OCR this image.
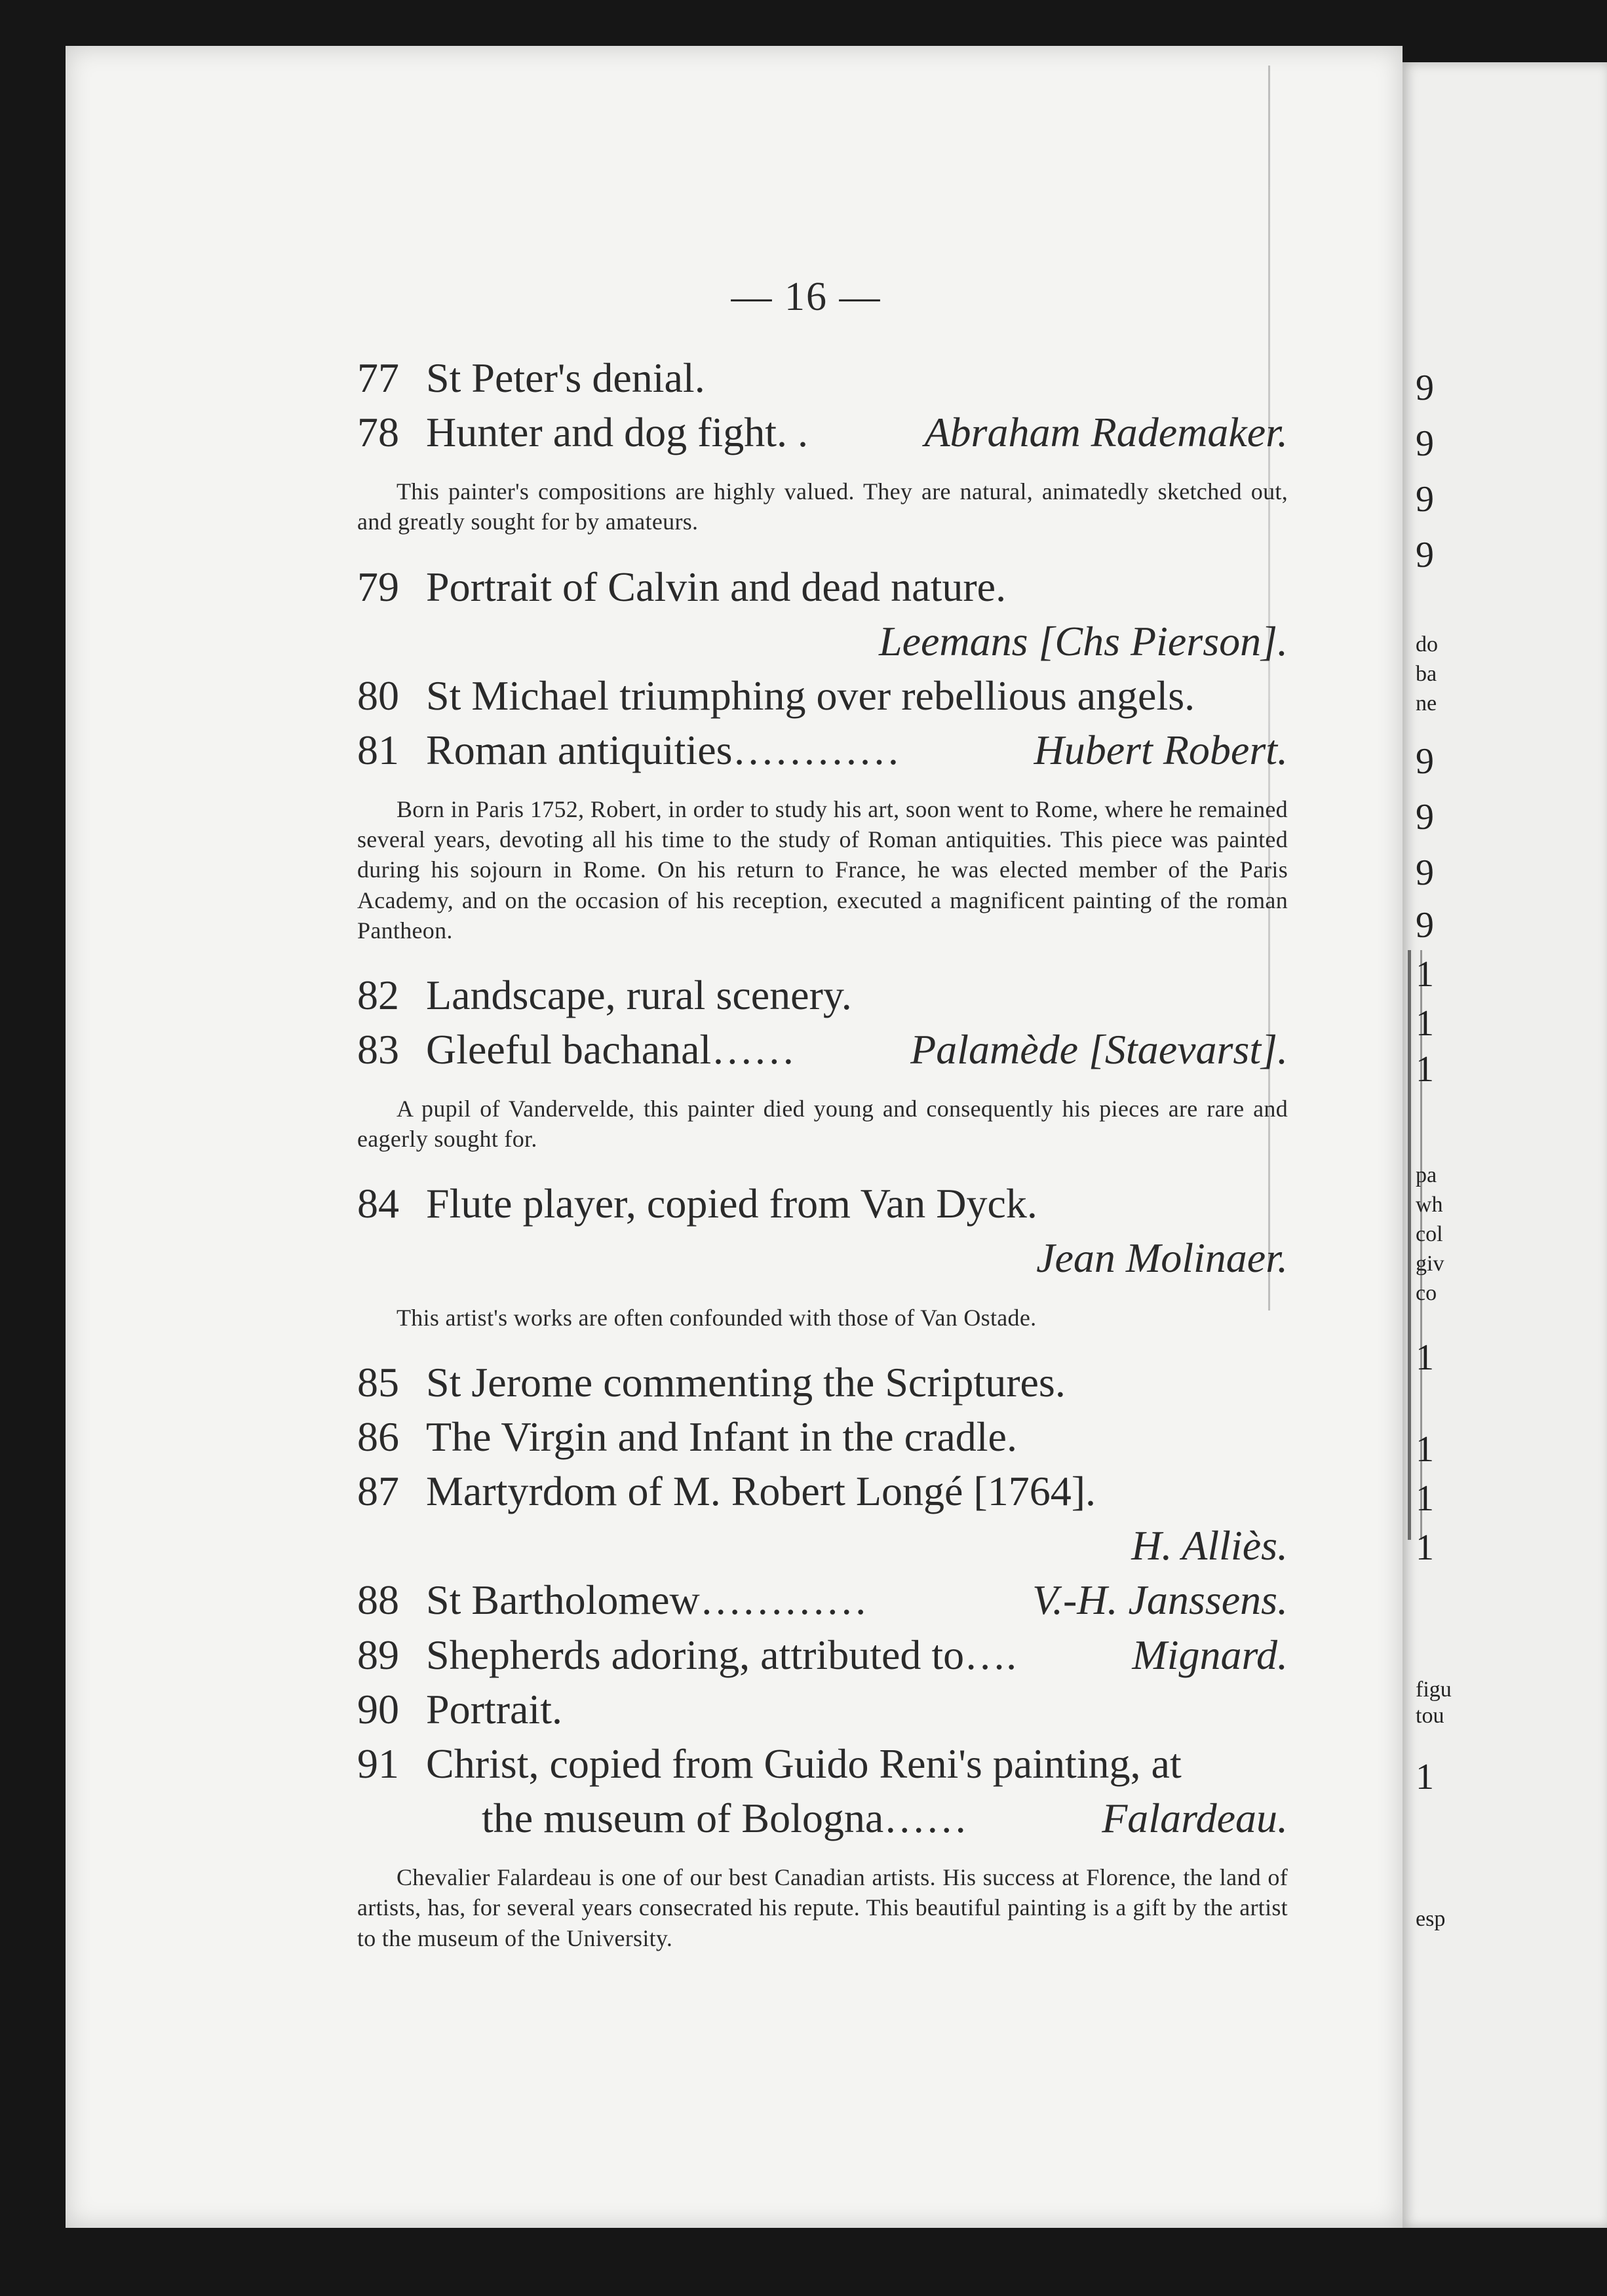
— 16 —
77 St Peter's denial.
78 Hunter and dog fight. .	Abraham Rademaker.
This painter's compositions are highly valued. They are natural, animatedly sketched out, and greatly sought for by amateurs.
79 Portrait of Calvin and dead nature.
Leemans [Chs Pierson].
80 St Michael triumphing over rebellious angels.
81 Roman antiquities…………	Hubert Robert.
Born in Paris 1752, Robert, in order to study his art, soon went to Rome, where he remained several years, devoting all his time to the study of Roman antiquities. This piece was painted during his sojourn in Rome. On his return to France, he was elected member of the Paris Academy, and on the occasion of his reception, executed a magnificent painting of the roman Pantheon.
82 Landscape, rural scenery.
83 Gleeful bachanal……	Palamède [Staevarst].
A pupil of Vandervelde, this painter died young and consequently his pieces are rare and eagerly sought for.
84 Flute player, copied from Van Dyck.
Jean Molinaer.
This artist's works are often confounded with those of Van Ostade.
85 St Jerome commenting the Scriptures.
86 The Virgin and Infant in the cradle.
87 Martyrdom of M. Robert Longé [1764].
H. Alliès.
88 St Bartholomew…………	V.-H. Janssens.
89 Shepherds adoring, attributed to….	Mignard.
90 Portrait.
91 Christ, copied from Guido Reni's painting, at
the museum of Bologna……	Falardeau.
Chevalier Falardeau is one of our best Canadian artists. His success at Florence, the land of artists, has, for several years consecrated his repute. This beautiful painting is a gift by the artist to the museum of the University.
9
9
9
9
do
ba
ne
9
9
9
9
1
1
1
pa
wh
col
giv
co
1
1
1
1
figu
tou
1
esp
